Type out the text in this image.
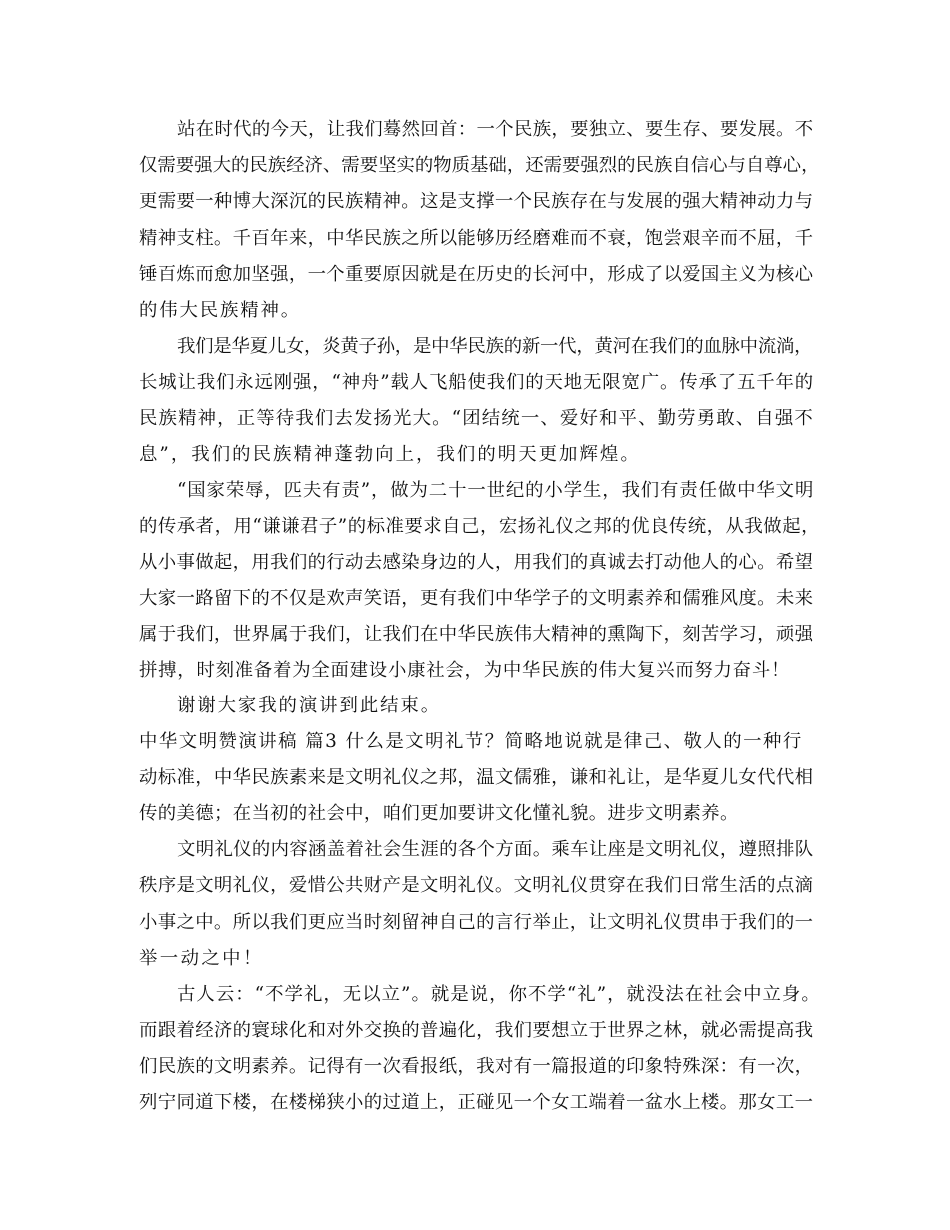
站在时代的今天，让我们蓦然回首：一个民族，要独立、要生存、要发展。不
仅需要强大的民族经济、需要坚实的物质基础，还需要强烈的民族自信心与自尊心，
更需要一种博大深沉的民族精神。这是支撑一个民族存在与发展的强大精神动力与
精神支柱。千百年来，中华民族之所以能够历经磨难而不衰，饱尝艰辛而不屈，千
锤百炼而愈加坚强，一个重要原因就是在历史的长河中，形成了以爱国主义为核心
的伟大民族精神。
我们是华夏儿女，炎黄子孙，是中华民族的新一代，黄河在我们的血脉中流淌，
长城让我们永远刚强，“神舟”载人飞船使我们的天地无限宽广。传承了五千年的
民族精神，正等待我们去发扬光大。“团结统一、爱好和平、勤劳勇敢、自强不
息”，我们的民族精神蓬勃向上，我们的明天更加辉煌。
“国家荣辱，匹夫有责”，做为二十一世纪的小学生，我们有责任做中华文明
的传承者，用“谦谦君子”的标准要求自己，宏扬礼仪之邦的优良传统，从我做起，
从小事做起，用我们的行动去感染身边的人，用我们的真诚去打动他人的心。希望
大家一路留下的不仅是欢声笑语，更有我们中华学子的文明素养和儒雅风度。未来
属于我们，世界属于我们，让我们在中华民族伟大精神的熏陶下，刻苦学习，顽强
拼搏，时刻准备着为全面建设小康社会，为中华民族的伟大复兴而努力奋斗！
谢谢大家我的演讲到此结束。
中华文明赞演讲稿 篇3 什么是文明礼节？简略地说就是律己、敬人的一种行
动标准，中华民族素来是文明礼仪之邦，温文儒雅，谦和礼让，是华夏儿女代代相
传的美德；在当初的社会中，咱们更加要讲文化懂礼貌。进步文明素养。
文明礼仪的内容涵盖着社会生涯的各个方面。乘车让座是文明礼仪，遵照排队
秩序是文明礼仪，爱惜公共财产是文明礼仪。文明礼仪贯穿在我们日常生活的点滴
小事之中。所以我们更应当时刻留神自己的言行举止，让文明礼仪贯串于我们的一
举一动之中！
古人云：“不学礼，无以立”。就是说，你不学“礼”，就没法在社会中立身。
而跟着经济的寰球化和对外交换的普遍化，我们要想立于世界之林，就必需提高我
们民族的文明素养。记得有一次看报纸，我对有一篇报道的印象特殊深：有一次，
列宁同道下楼，在楼梯狭小的过道上，正碰见一个女工端着一盆水上楼。那女工一
